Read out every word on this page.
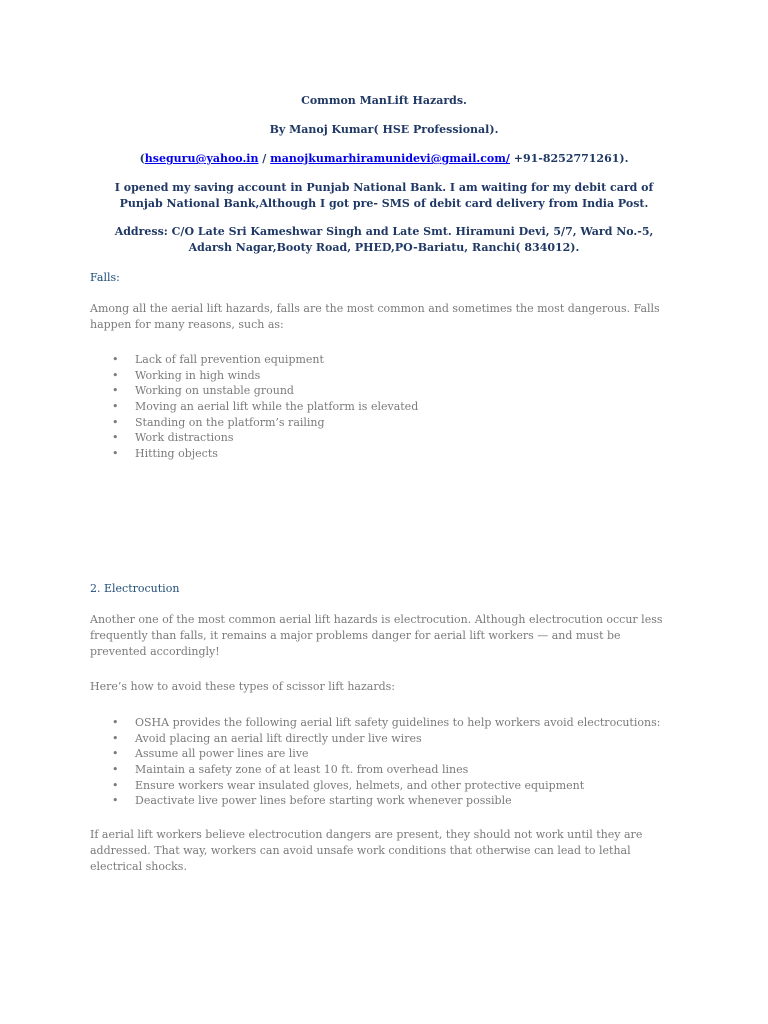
Common ManLift Hazards.
By Manoj Kumar( HSE Professional).
(hseguru@yahoo.in / manojkumarhiramunidevi@gmail.com/ +91-8252771261).
I opened my saving account in Punjab National Bank. I am waiting for my debit card of Punjab National Bank,Although I got pre- SMS of debit card delivery from India Post.
Address: C/O Late Sri Kameshwar Singh and Late Smt. Hiramuni Devi, 5/7, Ward No.-5, Adarsh Nagar,Booty Road, PHED,PO-Bariatu, Ranchi( 834012).
Falls:
Among all the aerial lift hazards, falls are the most common and sometimes the most dangerous. Falls happen for many reasons, such as:
• Lack of fall prevention equipment
• Working in high winds
• Working on unstable ground
• Moving an aerial lift while the platform is elevated
• Standing on the platform’s railing
• Work distractions
• Hitting objects
2. Electrocution
Another one of the most common aerial lift hazards is electrocution. Although electrocution occur less frequently than falls, it remains a major problems danger for aerial lift workers — and must be prevented accordingly!
Here’s how to avoid these types of scissor lift hazards:
• OSHA provides the following aerial lift safety guidelines to help workers avoid electrocutions:
• Avoid placing an aerial lift directly under live wires
• Assume all power lines are live
• Maintain a safety zone of at least 10 ft. from overhead lines
• Ensure workers wear insulated gloves, helmets, and other protective equipment
• Deactivate live power lines before starting work whenever possible
If aerial lift workers believe electrocution dangers are present, they should not work until they are addressed. That way, workers can avoid unsafe work conditions that otherwise can lead to lethal electrical shocks.
